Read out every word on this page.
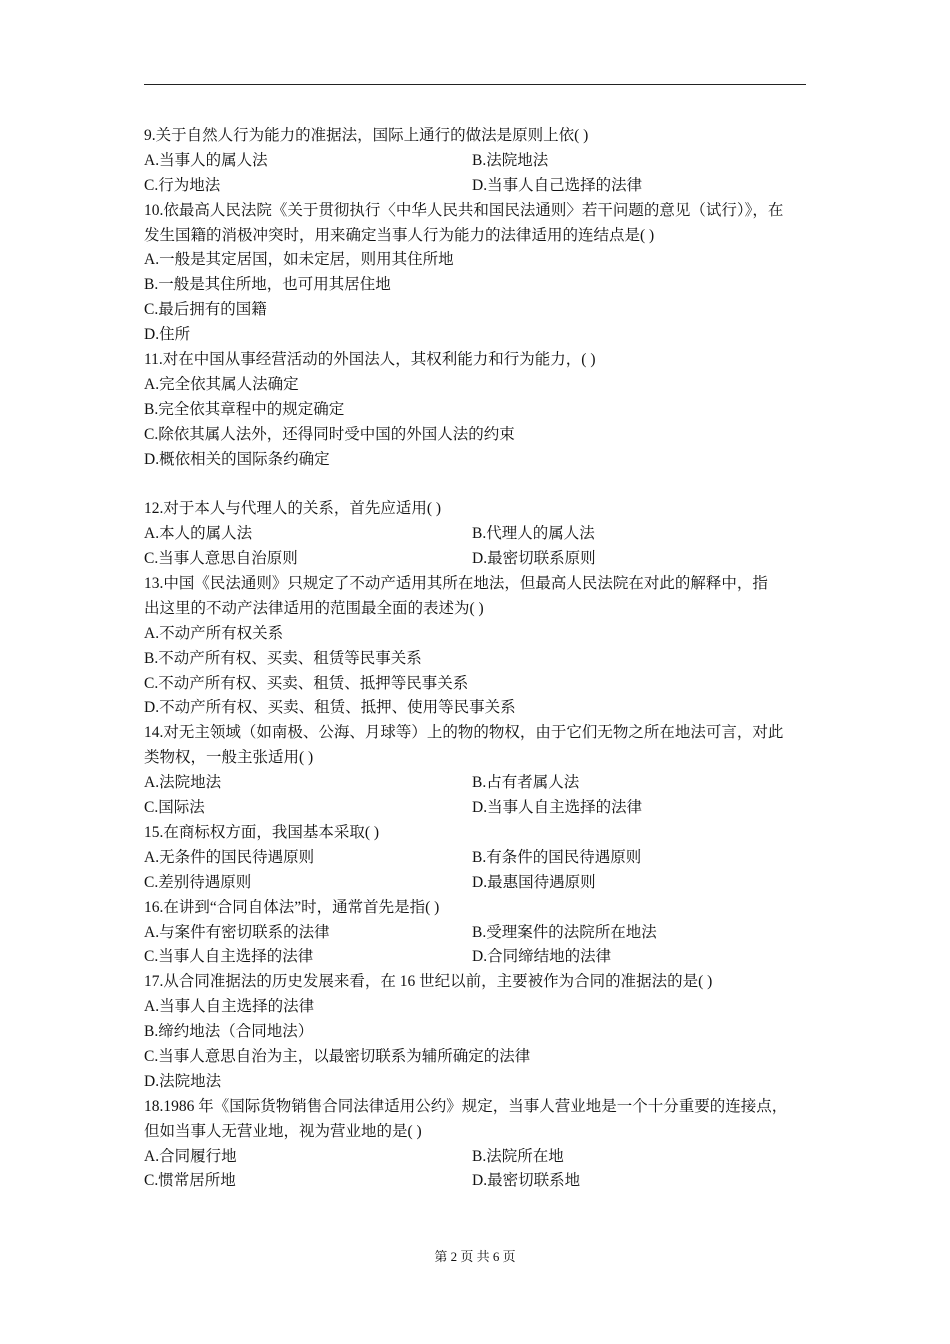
9.关于自然人行为能力的准据法，国际上通行的做法是原则上依( )
A.当事人的属人法	B.法院地法
C.行为地法	D.当事人自己选择的法律
10.依最高人民法院《关于贯彻执行〈中华人民共和国民法通则〉若干问题的意见（试行）》，在
发生国籍的消极冲突时，用来确定当事人行为能力的法律适用的连结点是( )
A.一般是其定居国，如未定居，则用其住所地
B.一般是其住所地，也可用其居住地
C.最后拥有的国籍
D.住所
11.对在中国从事经营活动的外国法人，其权利能力和行为能力，( )
A.完全依其属人法确定
B.完全依其章程中的规定确定
C.除依其属人法外，还得同时受中国的外国人法的约束
D.概依相关的国际条约确定
12.对于本人与代理人的关系，首先应适用( )
A.本人的属人法	B.代理人的属人法
C.当事人意思自治原则	D.最密切联系原则
13.中国《民法通则》只规定了不动产适用其所在地法，但最高人民法院在对此的解释中，指
出这里的不动产法律适用的范围最全面的表述为( )
A.不动产所有权关系
B.不动产所有权、买卖、租赁等民事关系
C.不动产所有权、买卖、租赁、抵押等民事关系
D.不动产所有权、买卖、租赁、抵押、使用等民事关系
14.对无主领域（如南极、公海、月球等）上的物的物权，由于它们无物之所在地法可言，对此
类物权，一般主张适用( )
A.法院地法	B.占有者属人法
C.国际法	D.当事人自主选择的法律
15.在商标权方面，我国基本采取( )
A.无条件的国民待遇原则	B.有条件的国民待遇原则
C.差别待遇原则	D.最惠国待遇原则
16.在讲到“合同自体法”时，通常首先是指( )
A.与案件有密切联系的法律	B.受理案件的法院所在地法
C.当事人自主选择的法律	D.合同缔结地的法律
17.从合同准据法的历史发展来看，在 16 世纪以前，主要被作为合同的准据法的是( )
A.当事人自主选择的法律
B.缔约地法（合同地法）
C.当事人意思自治为主，以最密切联系为辅所确定的法律
D.法院地法
18.1986 年《国际货物销售合同法律适用公约》规定，当事人营业地是一个十分重要的连接点，
但如当事人无营业地，视为营业地的是( )
A.合同履行地	B.法院所在地
C.惯常居所地	D.最密切联系地
第 2 页 共 6 页
